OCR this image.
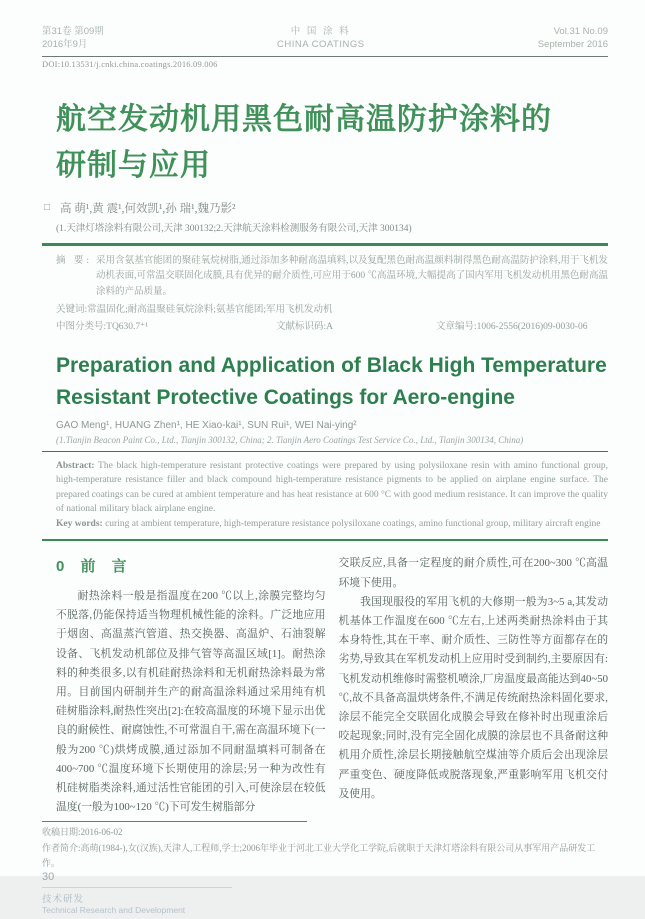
第31卷 第09期
2016年9月
中 国 涂 料
CHINA COATINGS
Vol.31 No.09
September 2016
DOI:10.13531/j.cnki.china.coatings.2016.09.006
航空发动机用黑色耐高温防护涂料的
研制与应用
□ 高 萌¹,黄 震¹,何效凯¹,孙 瑞¹,魏乃影²
(1.天津灯塔涂料有限公司,天津 300132;2.天津航天涂料检测服务有限公司,天津 300134)
摘 要: 采用含氨基官能团的聚硅氧烷树脂,通过添加多种耐高温填料,以及复配黑色耐高温颜料制得黑色耐高温防护涂料,用于飞机发动机表面,可常温交联固化成膜,具有优异的耐介质性,可应用于600 ℃高温环境,大幅提高了国内军用飞机发动机用黑色耐高温涂料的产品质量。
关键词:常温固化;耐高温聚硅氧烷涂料;氨基官能团;军用飞机发动机
中图分类号:TQ630.7⁺¹	文献标识码:A	文章编号:1006-2556(2016)09-0030-06
Preparation and Application of Black High Temperature
Resistant Protective Coatings for Aero-engine
GAO Meng¹, HUANG Zhen¹, HE Xiao-kai¹, SUN Rui¹, WEI Nai-ying²
(1.Tianjin Beacon Paint Co., Ltd., Tianjin 300132, China; 2. Tianjin Aero Coatings Test Service Co., Ltd., Tianjin 300134, China)
Abstract: The black high-temperature resistant protective coatings were prepared by using polysiloxane resin with amino functional group, high-temperature resistance filler and black compound high-temperature resistance pigments to be applied on airplane engine surface. The prepared coatings can be cured at ambient temperature and has heat resistance at 600 °C with good medium resistance. It can improve the quality of national military black airplane engine.
Key words: curing at ambient temperature, high-temperature resistance polysiloxane coatings, amino functional group, military aircraft engine
0 前 言
耐热涂料一般是指温度在200 ℃以上,涂膜完整均匀不脱落,仍能保持适当物理机械性能的涂料。广泛地应用于烟囱、高温蒸汽管道、热交换器、高温炉、石油裂解设备、飞机发动机部位及排气管等高温区域[1]。耐热涂料的种类很多,以有机硅耐热涂料和无机耐热涂料最为常用。目前国内研制并生产的耐高温涂料通过采用纯有机硅树脂涂料,耐热性突出[2]:在较高温度的环境下显示出优良的耐候性、耐腐蚀性,不可常温自干,需在高温环境下(一般为200 ℃)烘烤成膜,通过添加不同耐温填料可制备在400~700 ℃温度环境下长期使用的涂层;另一种为改性有机硅树脂类涂料,通过活性官能团的引入,可使涂层在较低温度(一般为100~120 ℃)下可发生树脂部分
交联反应,具备一定程度的耐介质性,可在200~300 ℃高温环境下使用。
我国现服役的军用飞机的大修期一般为3~5 a,其发动机基体工作温度在600 ℃左右,上述两类耐热涂料由于其本身特性,其在干率、耐介质性、三防性等方面都存在的劣势,导致其在军机发动机上应用时受到制约,主要原因有:飞机发动机维修时需整机喷涂,厂房温度最高能达到40~50 ℃,故不具备高温烘烤条件,不满足传统耐热涂料固化要求,涂层不能完全交联固化成膜会导致在修补时出现重涂后咬起现象;同时,没有完全固化成膜的涂层也不具备耐这种机用介质性,涂层长期接触航空煤油等介质后会出现涂层严重变色、硬度降低或脱落现象,严重影响军用飞机交付及使用。
收稿日期:2016-06-02
作者简介:高萌(1984-),女(汉族),天津人,工程师,学士;2006年毕业于河北工业大学化工学院,后就职于天津灯塔涂料有限公司从事军用产品研发工作。
30
技术研发
Technical Research and Development
